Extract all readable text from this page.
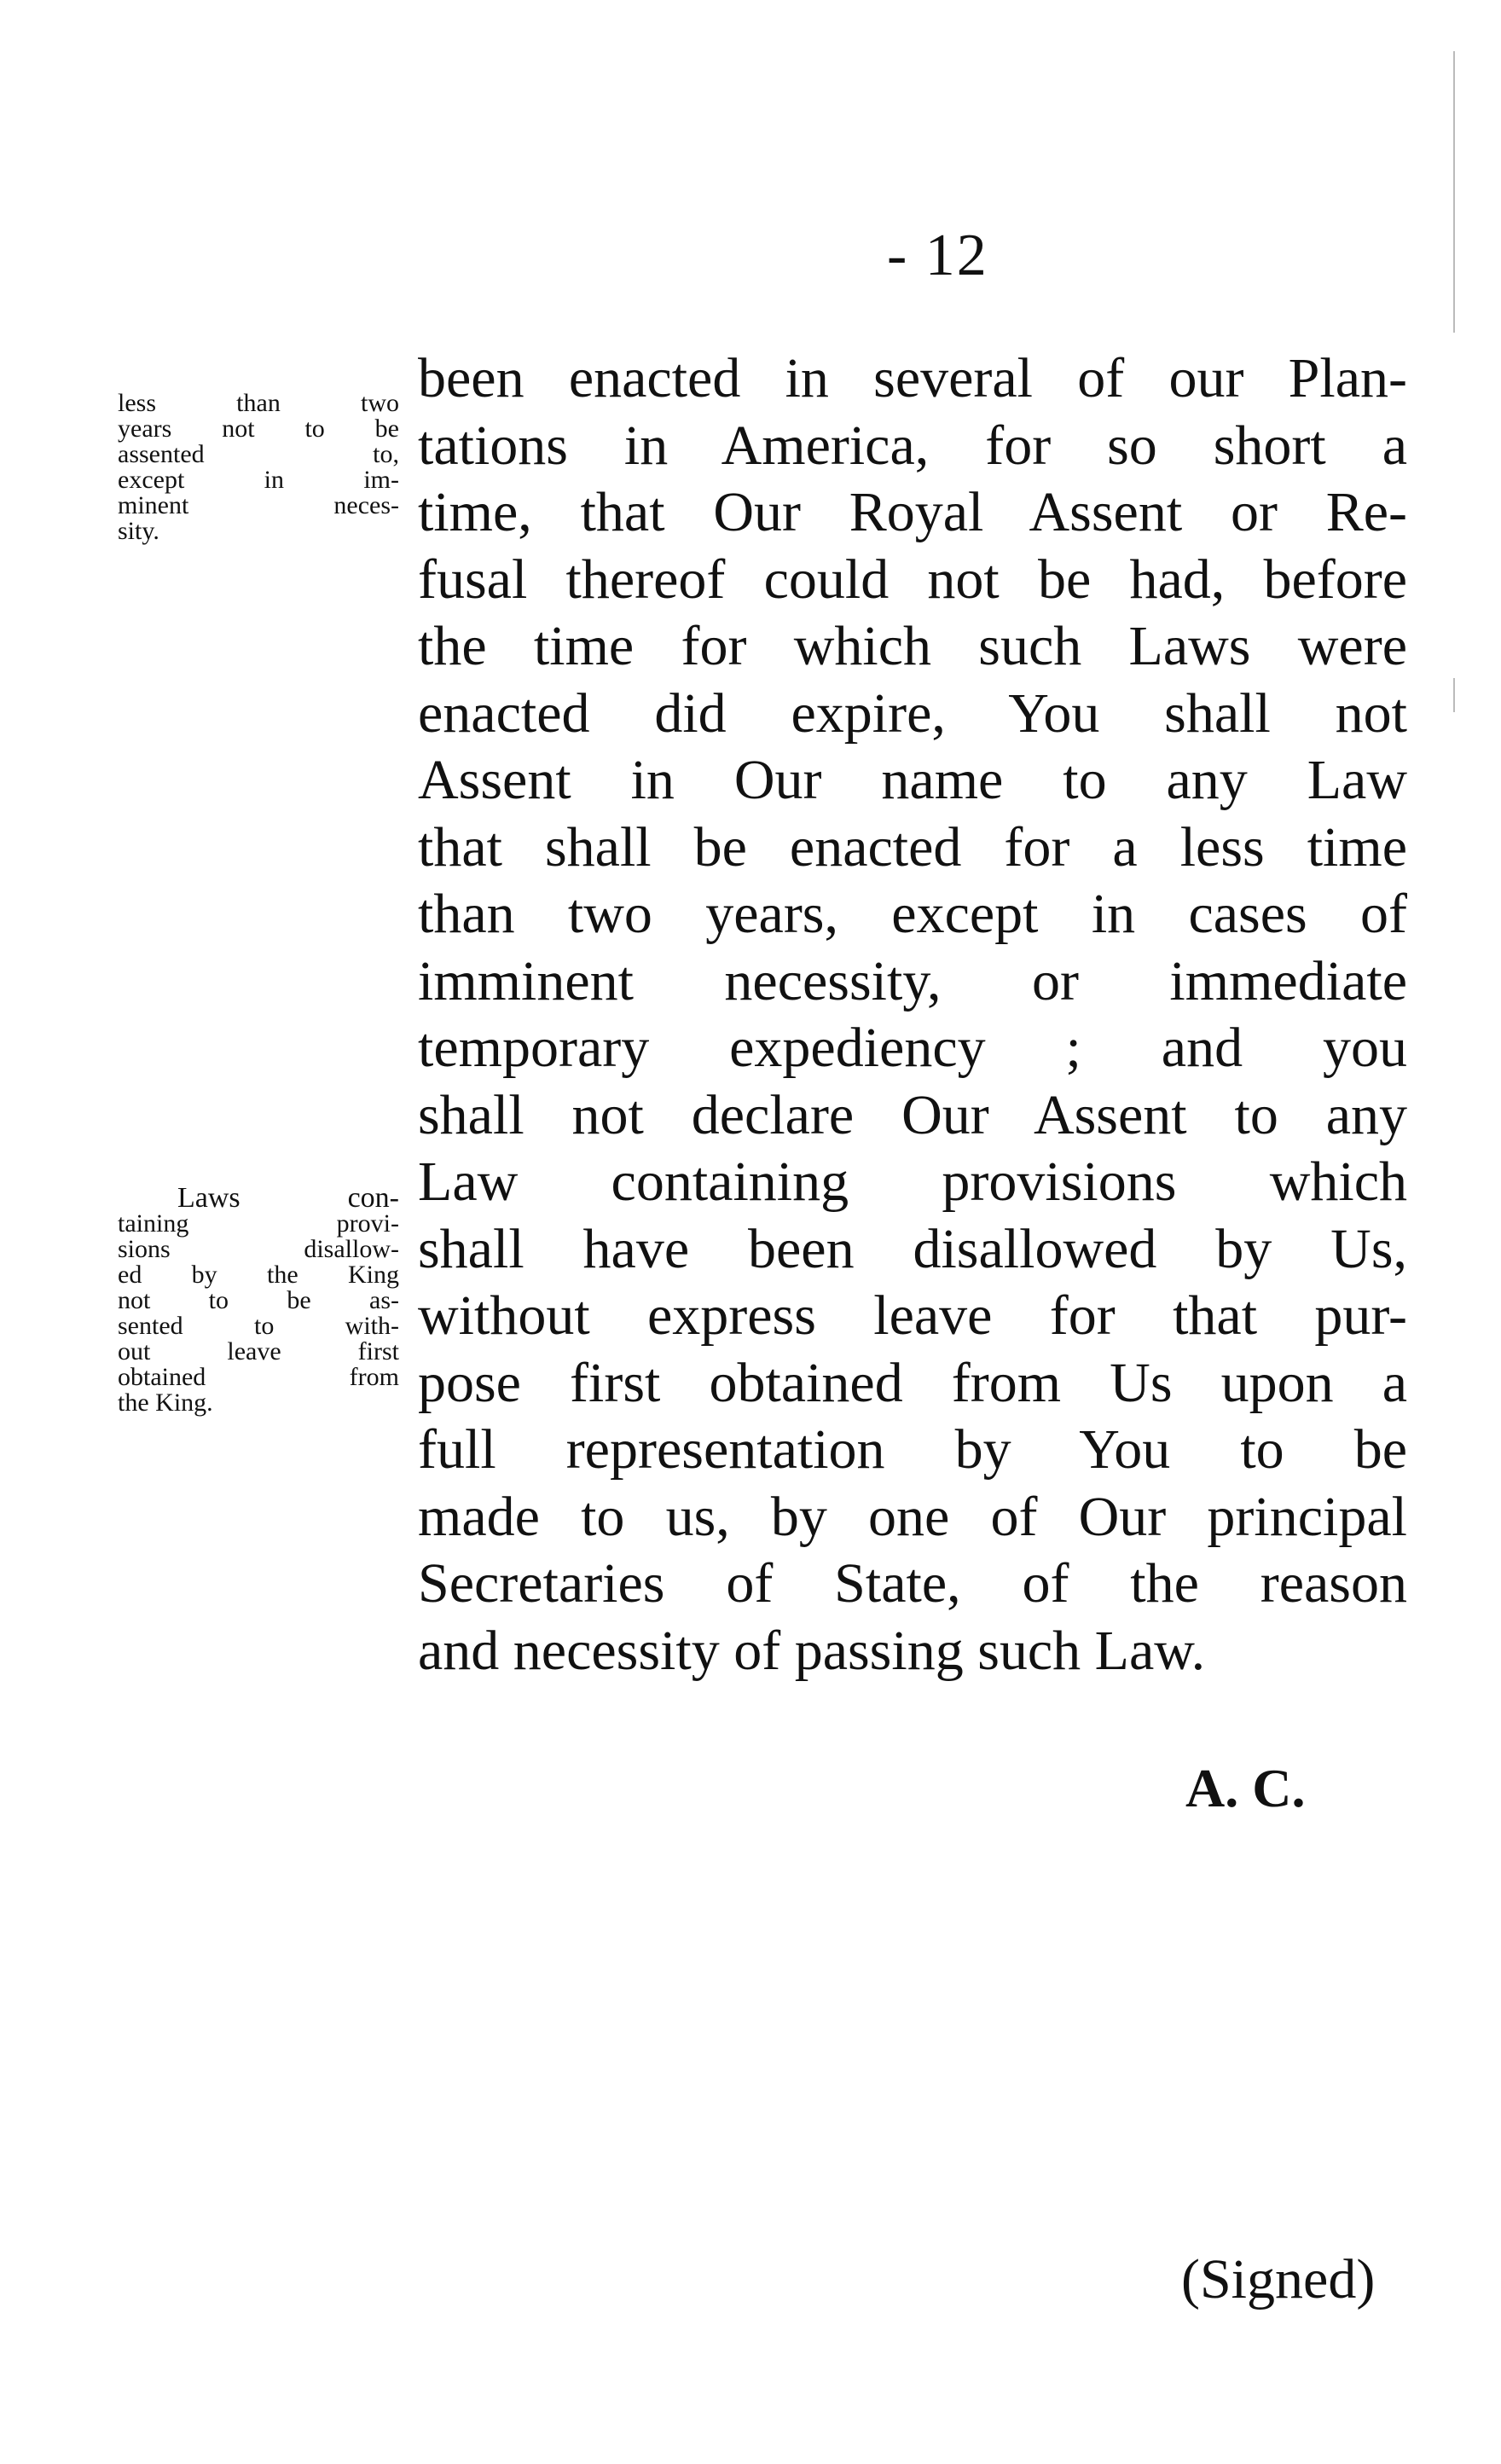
- 12
less than two
years not to be
assented to,
except in im-
minent neces-
sity.
Laws con-
taining provi-
sions disallow-
ed by the King
not to be as-
sented to with-
out leave first
obtained from
the King.
been enacted in several of our Plan-
tations in America, for so short a
time, that Our Royal Assent or Re-
fusal thereof could not be had, before
the time for which such Laws were
enacted did expire, You shall not
Assent in Our name to any Law
that shall be enacted for a less time
than two years, except in cases of
imminent necessity, or immediate
temporary expediency ; and you
shall not declare Our Assent to any
Law containing provisions which
shall have been disallowed by Us,
without express leave for that pur-
pose first obtained from Us upon a
full representation by You to be
made to us, by one of Our principal
Secretaries of State, of the reason
and necessity of passing such Law.
A. C.
(Signed)
